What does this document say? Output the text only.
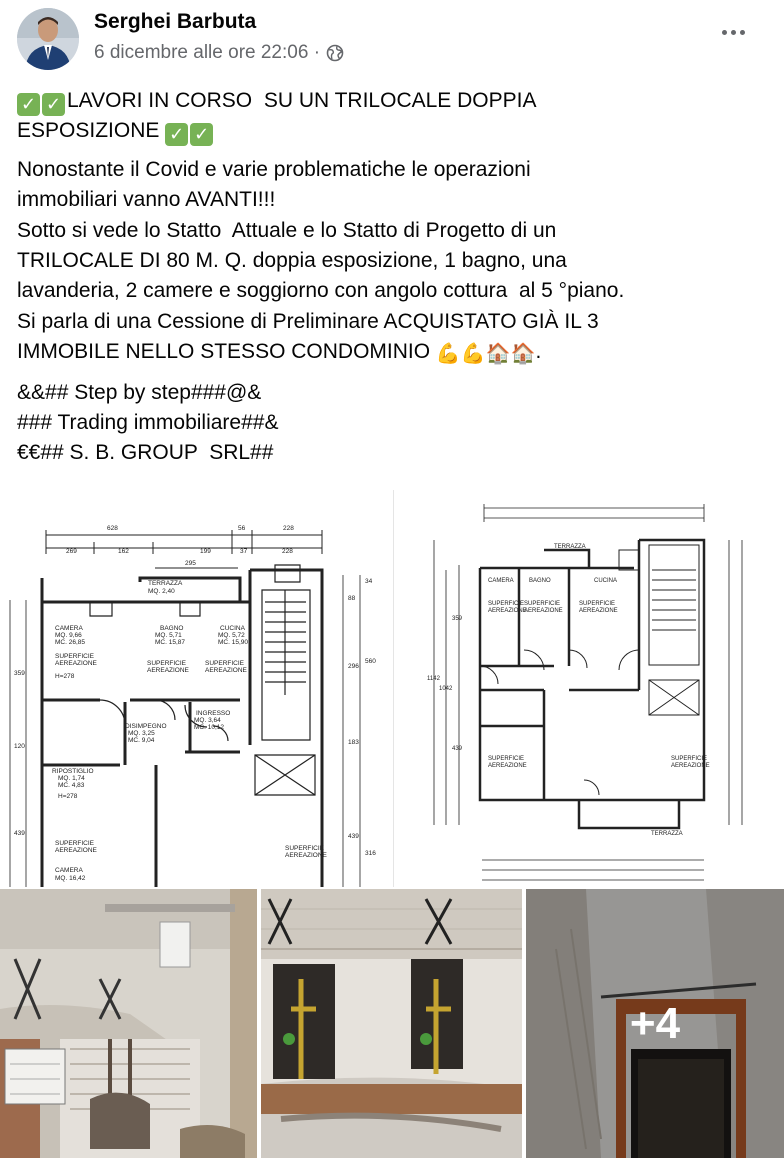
Serghei Barbuta
6 dicembre alle ore 22:06 ·

✓ ✓ LAVORI IN CORSO  SU UN TRILOCALE DOPPIA
ESPOSIZIONE ✓ ✓

Nonostante il Covid e varie problematiche le operazioni
immobiliari vanno AVANTI!!!
Sotto si vede lo Statto  Attuale e lo Statto di Progetto di un
TRILOCALE DI 80 M. Q. doppia esposizione, 1 bagno, una
lavanderia, 2 camere e soggiorno con angolo cottura  al 5 °piano.
Si parla di una Cessione di Preliminare ACQUISTATO GIÀ IL 3
IMMOBILE NELLO STESSO CONDOMINIO 💪💪🏠🏠.

&&## Step by step###@&
### Trading immobiliare##&
€€## S. B. GROUP  SRL##

628	56	228
269	162	199	37	228
295
34
560
296
183
316
439
88
359
120
439
TERRAZZA
MQ. 2,40
CAMERA
MQ. 9,66
MC. 26,85
SUPERFICIE
AEREAZIONE
H=278
BAGNO
MQ. 5,71
MC. 15,87
SUPERFICIE
AEREAZIONE
CUCINA
MQ. 5,72
MC. 15,90
SUPERFICIE
AEREAZIONE
DISIMPEGNO
MQ. 3,25
MC. 9,04
INGRESSO
MQ. 3,64
MC. 10,12
RIPOSTIGLIO
MQ. 1,74
MC. 4,83
H=278
SUPERFICIE
AEREAZIONE
CAMERA
MQ. 16,42
SUPERFICIE
AEREAZIONE
TERRAZZA
CAMERA
SUPERFICIE
AEREAZIONE
BAGNO
SUPERFICIE
AEREAZIONE
CUCINA
SUPERFICIE
AEREAZIONE
SUPERFICIE
AEREAZIONE
SUPERFICIE
AEREAZIONE
TERRAZZA
1142
1042
359
439
+4
